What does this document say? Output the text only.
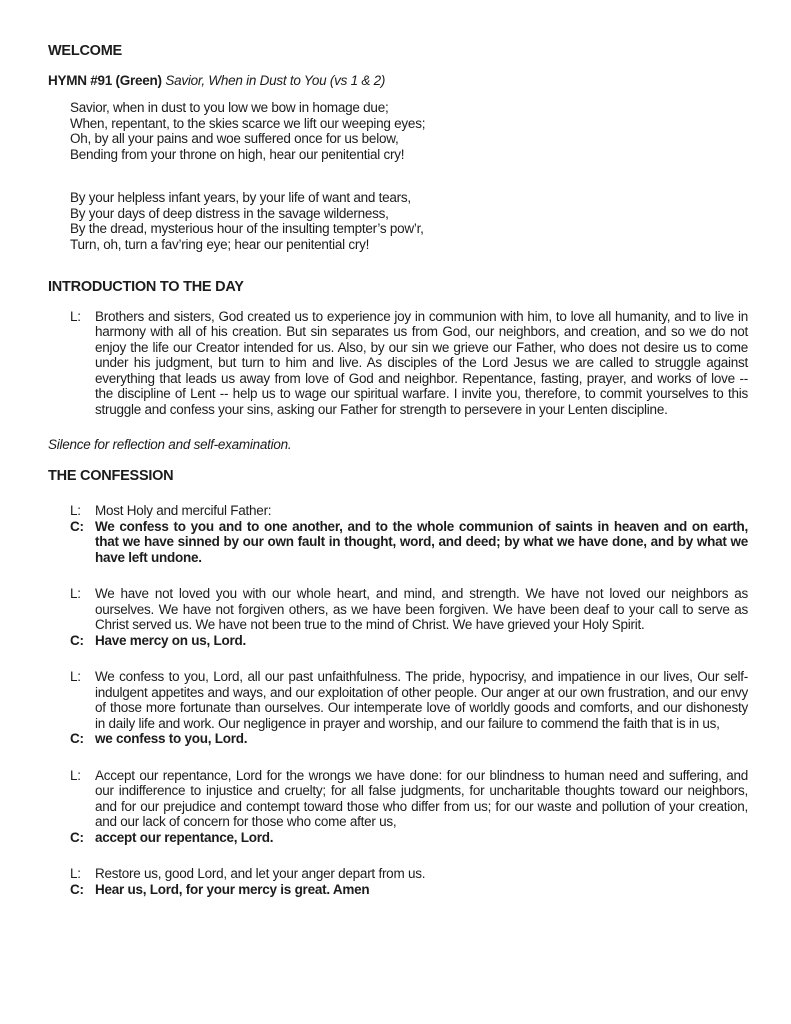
WELCOME

HYMN #91 (Green) Savior, When in Dust to You (vs 1 & 2)

Savior, when in dust to you low we bow in homage due;
When, repentant, to the skies scarce we lift our weeping eyes;
Oh, by all your pains and woe suffered once for us below,
Bending from your throne on high, hear our penitential cry!
By your helpless infant years, by your life of want and tears,
By your days of deep distress in the savage wilderness,
By the dread, mysterious hour of the insulting tempter’s pow’r,
Turn, oh, turn a fav’ring eye; hear our penitential cry!

INTRODUCTION TO THE DAY

L:	Brothers and sisters, God created us to experience joy in communion with him, to love all humanity, and to live in harmony with all of his creation. But sin separates us from God, our neighbors, and creation, and so we do not enjoy the life our Creator intended for us. Also, by our sin we grieve our Father, who does not desire us to come under his judgment, but turn to him and live. As disciples of the Lord Jesus we are called to struggle against everything that leads us away from love of God and neighbor. Repentance, fasting, prayer, and works of love -- the discipline of Lent -- help us to wage our spiritual warfare. I invite you, therefore, to commit yourselves to this struggle and confess your sins, asking our Father for strength to persevere in your Lenten discipline.

Silence for reflection and self-examination.

THE CONFESSION

L:	Most Holy and merciful Father:
C: We confess to you and to one another, and to the whole communion of saints in heaven and on earth, that we have sinned by our own fault in thought, word, and deed; by what we have done, and by what we have left undone.
L:	We have not loved you with our whole heart, and mind, and strength. We have not loved our neighbors as ourselves. We have not forgiven others, as we have been forgiven. We have been deaf to your call to serve as Christ served us. We have not been true to the mind of Christ. We have grieved your Holy Spirit.
C: Have mercy on us, Lord.
L:	We confess to you, Lord, all our past unfaithfulness. The pride, hypocrisy, and impatience in our lives, Our self-indulgent appetites and ways, and our exploitation of other people. Our anger at our own frustration, and our envy of those more fortunate than ourselves. Our intemperate love of worldly goods and comforts, and our dishonesty in daily life and work. Our negligence in prayer and worship, and our failure to commend the faith that is in us,
C: we confess to you, Lord.
L:	Accept our repentance, Lord for the wrongs we have done: for our blindness to human need and suffering, and our indifference to injustice and cruelty; for all false judgments, for uncharitable thoughts toward our neighbors, and for our prejudice and contempt toward those who differ from us; for our waste and pollution of your creation, and our lack of concern for those who come after us,
C: accept our repentance, Lord.
L:	Restore us, good Lord, and let your anger depart from us.
C: Hear us, Lord, for your mercy is great. Amen
